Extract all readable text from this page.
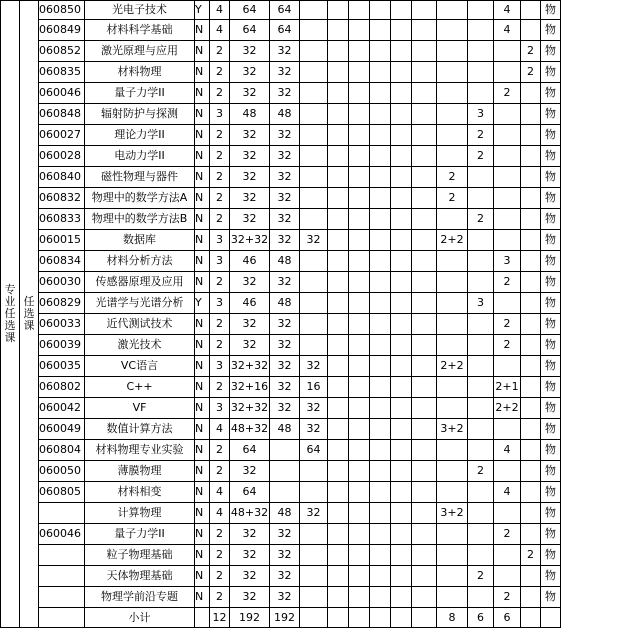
专业任选课	任选课	060850	光电子技术	Y	4	64	64									4		物
		060849	材料科学基础	N	4	64	64									4		物
		060852	激光原理与应用	N	2	32	32										2	物
		060835	材料物理	N	2	32	32										2	物
		060046	量子力学II	N	2	32	32									2		物
		060848	辐射防护与探测	N	3	48	48								3			物
		060027	理论力学II	N	2	32	32								2			物
		060028	电动力学II	N	2	32	32								2			物
		060840	磁性物理与器件	N	2	32	32							2				物
		060832	物理中的数学方法A	N	2	32	32							2				物
		060833	物理中的数学方法B	N	2	32	32								2			物
		060015	数据库	N	3	32+32	32	32						2+2				物
		060834	材料分析方法	N	3	46	48									3		物
		060030	传感器原理及应用	N	2	32	32									2		物
		060829	光谱学与光谱分析	Y	3	46	48								3			物
		060033	近代测试技术	N	2	32	32									2		物
		060039	激光技术	N	2	32	32									2		物
		060035	VC语言	N	3	32+32	32	32						2+2				物
		060802	C++	N	2	32+16	32	16								2+1		物
		060042	VF	N	3	32+32	32	32								2+2		物
		060049	数值计算方法	N	4	48+32	48	32						3+2				物
		060804	材料物理专业实验	N	2	64		64								4		物
		060050	薄膜物理	N	2	32									2			物
		060805	材料相变	N	4	64										4		物
			计算物理	N	4	48+32	48	32						3+2				物
		060046	量子力学II	N	2	32	32									2		物
			粒子物理基础	N	2	32	32										2	物
			天体物理基础	N	2	32	32								2			物
			物理学前沿专题	N	2	32	32									2		物
			小计		12	192	192							8	6	6		
